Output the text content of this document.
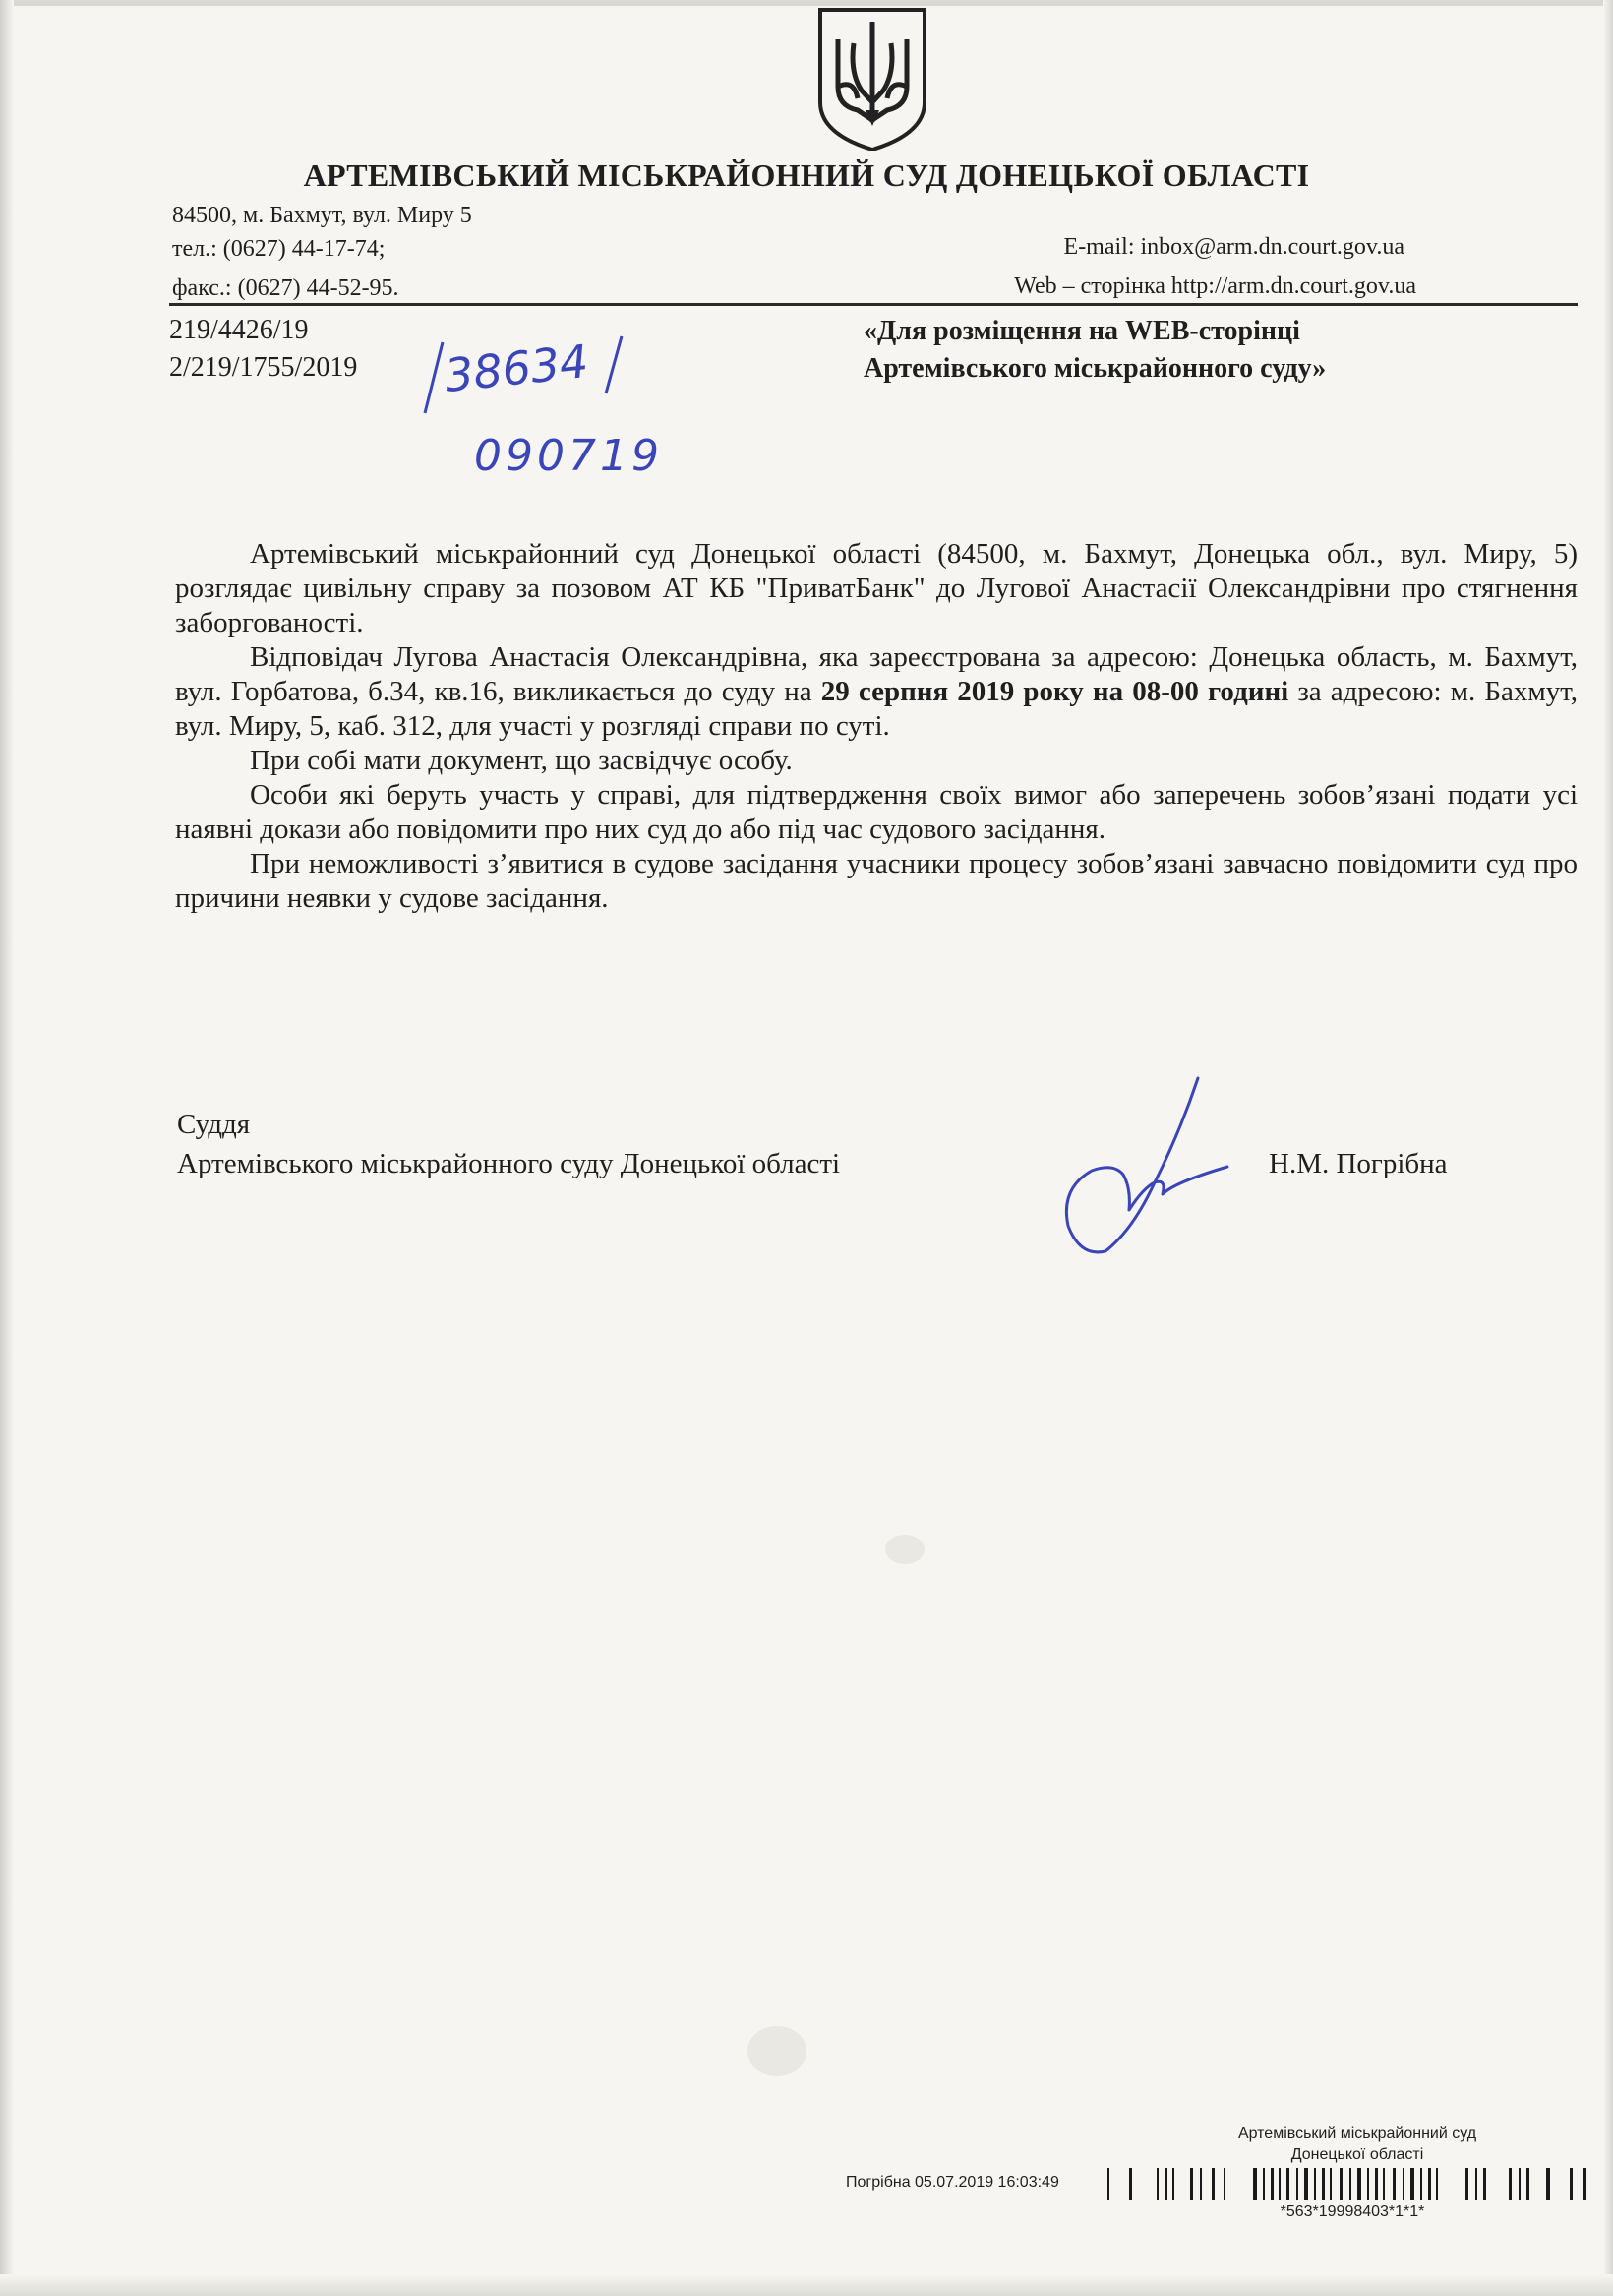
АРТЕМІВСЬКИЙ МІСЬКРАЙОННИЙ СУД ДОНЕЦЬКОЇ ОБЛАСТІ
84500, м. Бахмут, вул. Миру 5
тел.: (0627) 44-17-74;
факс.: (0627) 44-52-95.
E-mail: inbox@arm.dn.court.gov.ua
Web – сторінка http://arm.dn.court.gov.ua
219/4426/19
2/219/1755/2019
«Для розміщення на WEB-сторінці
Артемівського міськрайонного суду»
38634
090719

Артемівський міськрайонний суд Донецької області (84500, м. Бахмут, Донецька обл., вул. Миру, 5) розглядає цивільну справу за позовом АТ КБ "ПриватБанк" до Лугової Анастасії Олександрівни про стягнення заборгованості.

Відповідач Лугова Анастасія Олександрівна, яка зареєстрована за адресою: Донецька область, м. Бахмут, вул. Горбатова, б.34, кв.16, викликається до суду на 29 серпня 2019 року на 08-00 годині за адресою: м. Бахмут, вул. Миру, 5, каб. 312, для участі у розгляді справи по суті.

При собі мати документ, що засвідчує особу.

Особи які беруть участь у справі, для підтвердження своїх вимог або заперечень зобов’язані подати усі наявні докази або повідомити про них суд до або під час судового засідання.

При неможливості з’явитися в судове засідання учасники процесу зобов’язані завчасно повідомити суд про причини неявки у судове засідання.

Суддя
Артемівського міськрайонного суду Донецької області	Н.М. Погрібна
Артемівський міськрайонний суд
Донецької області
Погрібна 05.07.2019 16:03:49
*563*19998403*1*1*
